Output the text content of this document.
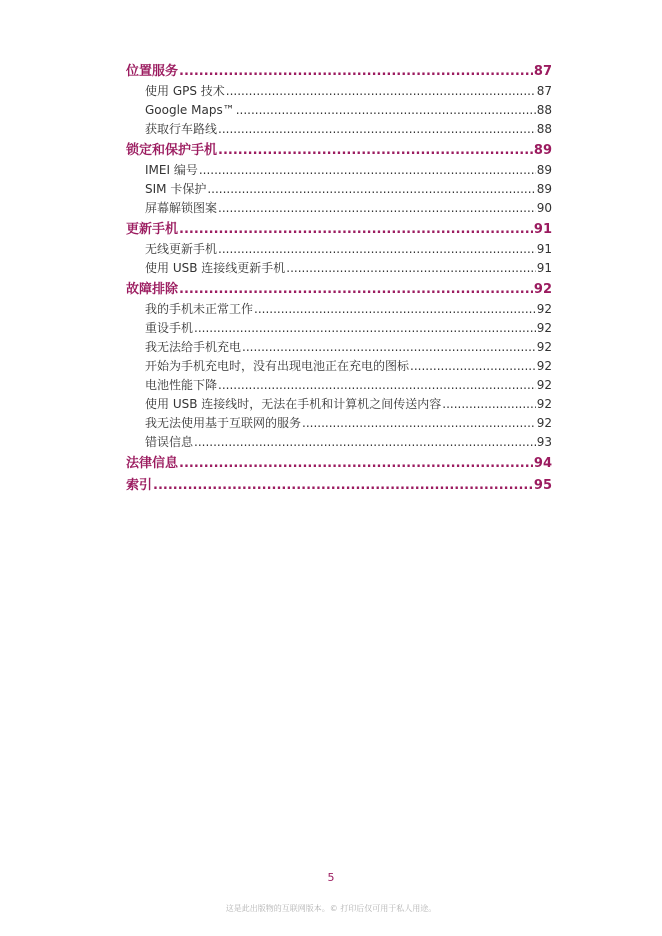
位置服务 .....	87
使用 GPS 技术 .....	87
Google Maps™ .....	88
获取行车路线 .....	88
锁定和保护手机 .....	89
IMEI 编号 .....	89
SIM 卡保护 .....	89
屏幕解锁图案 .....	90
更新手机 .....	91
无线更新手机 .....	91
使用 USB 连接线更新手机 .....	91
故障排除 .....	92
我的手机未正常工作 .....	92
重设手机 .....	92
我无法给手机充电 .....	92
开始为手机充电时，没有出现电池正在充电的图标 .....	92
电池性能下降 .....	92
使用 USB 连接线时，无法在手机和计算机之间传送内容 .....	92
我无法使用基于互联网的服务 .....	92
错误信息 .....	93
法律信息 .....	94
索引 .....	95
5
这是此出版物的互联网版本。© 打印后仅可用于私人用途。
